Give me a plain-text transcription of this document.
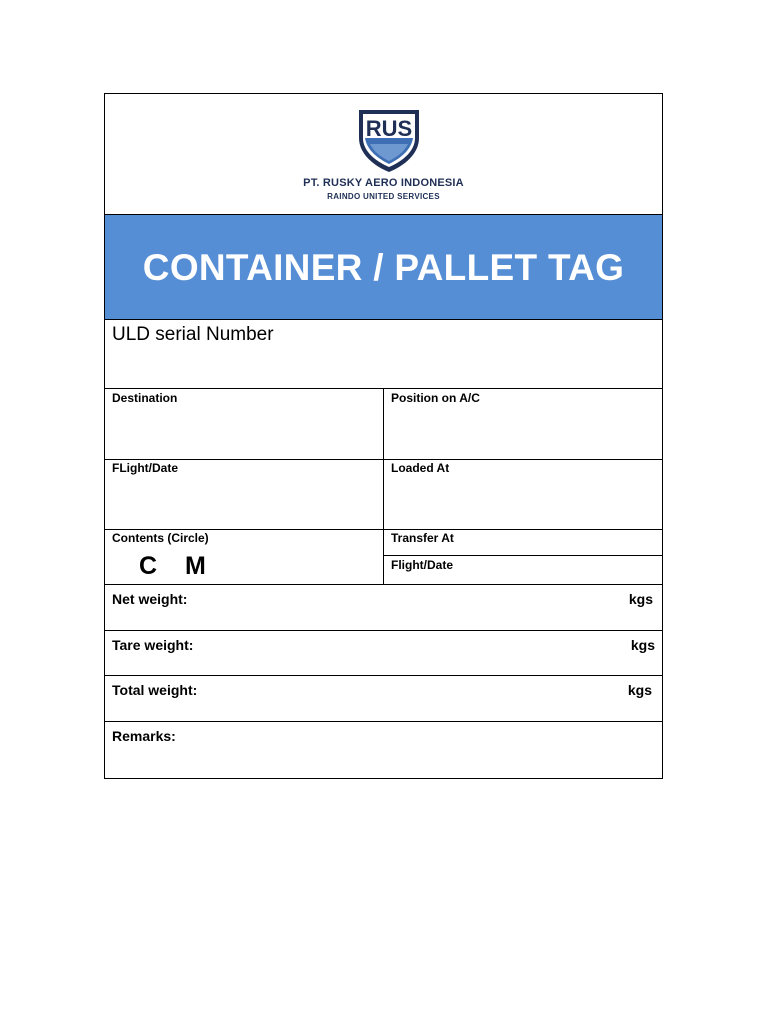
RUS
PT. RUSKY AERO INDONESIA
RAINDO UNITED SERVICES
CONTAINER / PALLET TAG
ULD serial Number
Destination	Position on A/C
FLight/Date	Loaded At
Contents (Circle)
C M
Transfer At
Flight/Date
Net weight:	kgs
Tare weight:	kgs
Total weight:	kgs
Remarks:
